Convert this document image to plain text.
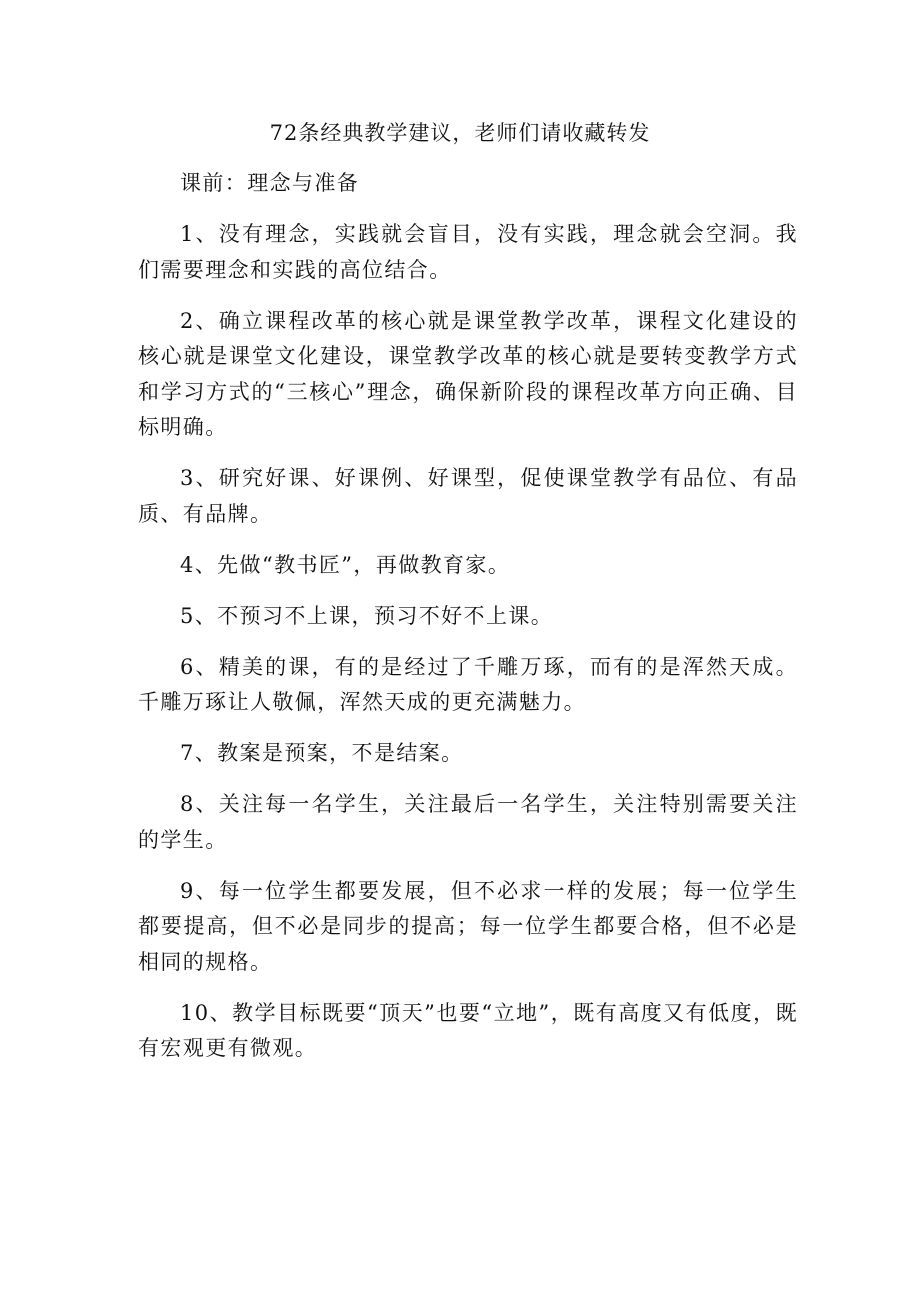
72条经典教学建议，老师们请收藏转发

课前：理念与准备

1、没有理念，实践就会盲目，没有实践，理念就会空洞。我们需要理念和实践的高位结合。

2、确立课程改革的核心就是课堂教学改革，课程文化建设的核心就是课堂文化建设，课堂教学改革的核心就是要转变教学方式和学习方式的“三核心”理念，确保新阶段的课程改革方向正确、目标明确。

3、研究好课、好课例、好课型，促使课堂教学有品位、有品质、有品牌。

4、先做“教书匠”，再做教育家。

5、不预习不上课，预习不好不上课。

6、精美的课，有的是经过了千雕万琢，而有的是浑然天成。千雕万琢让人敬佩，浑然天成的更充满魅力。

7、教案是预案，不是结案。

8、关注每一名学生，关注最后一名学生，关注特别需要关注的学生。

9、每一位学生都要发展，但不必求一样的发展；每一位学生都要提高，但不必是同步的提高；每一位学生都要合格，但不必是相同的规格。

10、教学目标既要“顶天”也要“立地”，既有高度又有低度，既有宏观更有微观。
